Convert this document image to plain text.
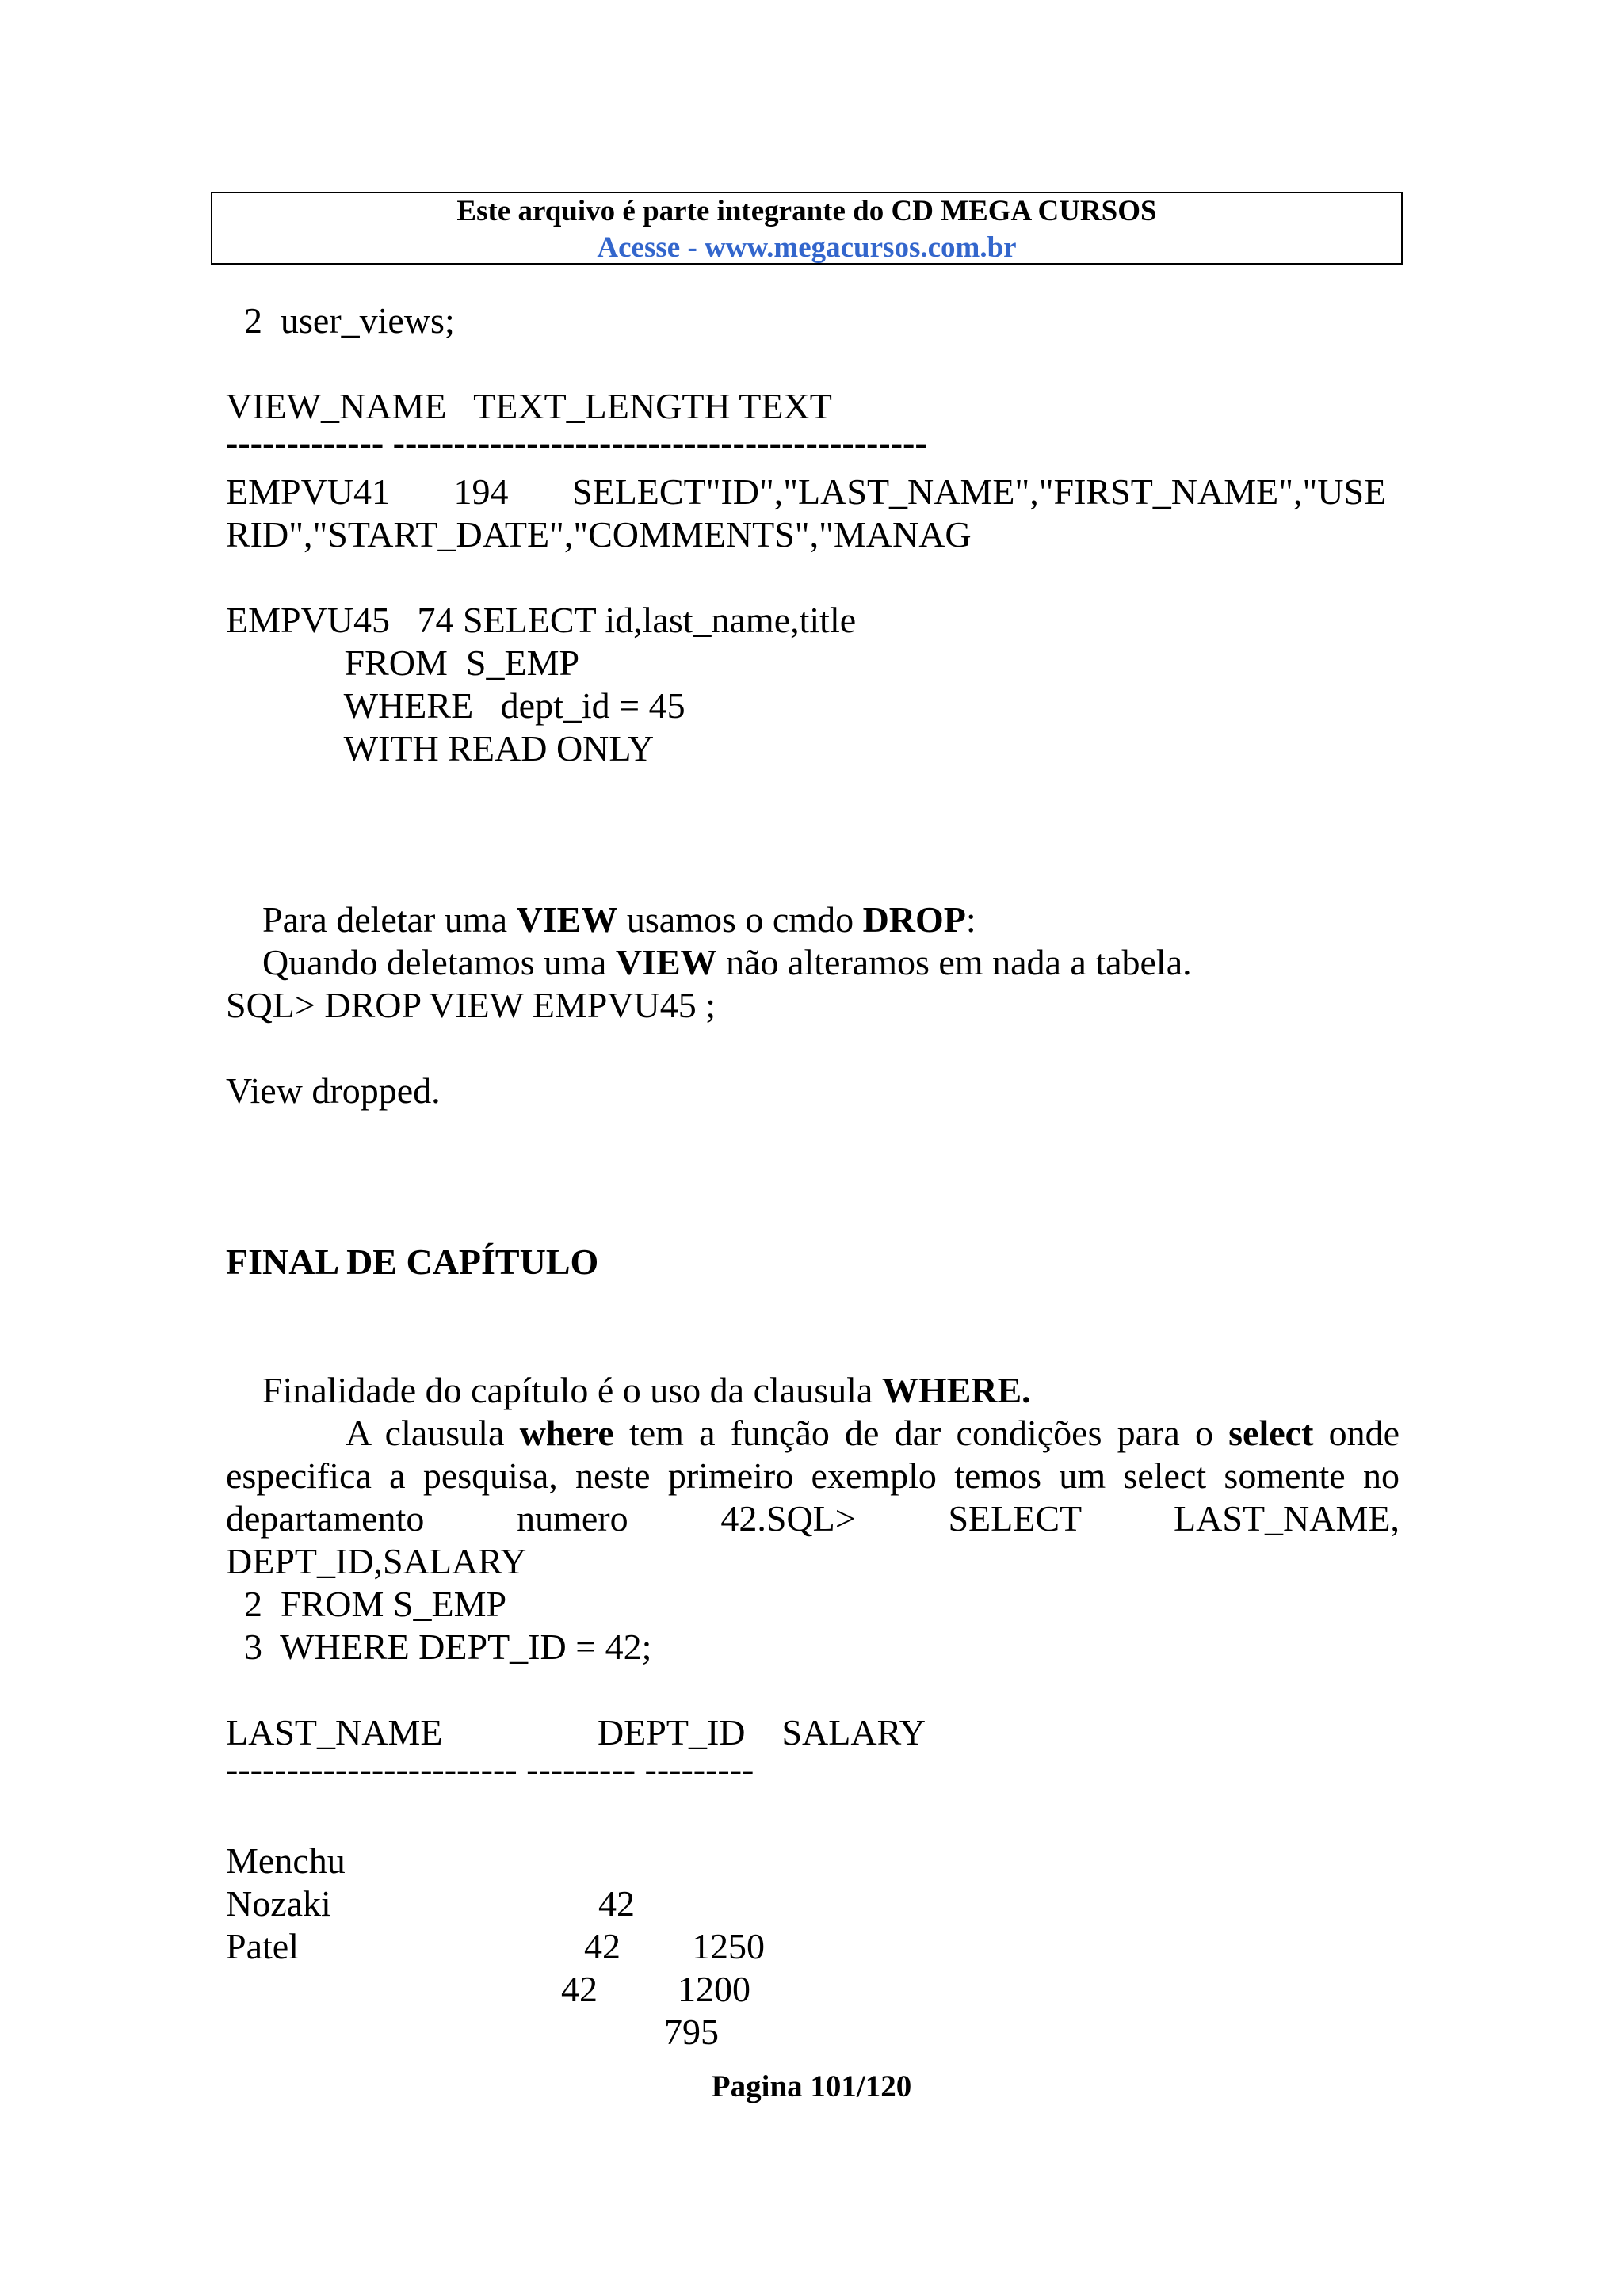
Este arquivo é parte integrante do CD MEGA CURSOS
Acesse - www.megacursos.com.br
2  user_views;
VIEW_NAME   TEXT_LENGTH TEXT
------------- --------------------------------------------
EMPVU41       194       SELECT"ID","LAST_NAME","FIRST_NAME","USE
RID","START_DATE","COMMENTS","MANAG
EMPVU45   74 SELECT id,last_name,title
FROM  S_EMP
WHERE   dept_id = 45
WITH READ ONLY

Para deletar uma VIEW usamos o cmdo DROP:

Quando deletamos uma VIEW não alteramos em nada a tabela.

SQL> DROP VIEW EMPVU45 ;
View dropped.
FINAL DE CAPÍTULO

Finalidade do capítulo é o uso da clausula WHERE.

A clausula where tem a função de dar condições para o select onde
especifica a pesquisa, neste primeiro exemplo temos um select somente no
departamento numero 42.SQL> SELECT LAST_NAME,
DEPT_ID,SALARY
2  FROM S_EMP
3  WHERE DEPT_ID = 42;
LAST_NAME                 DEPT_ID    SALARY
------------------------ --------- ---------

Menchu

42

1250

Nozaki

42

1200

Patel

42

795

Pagina 101/120
